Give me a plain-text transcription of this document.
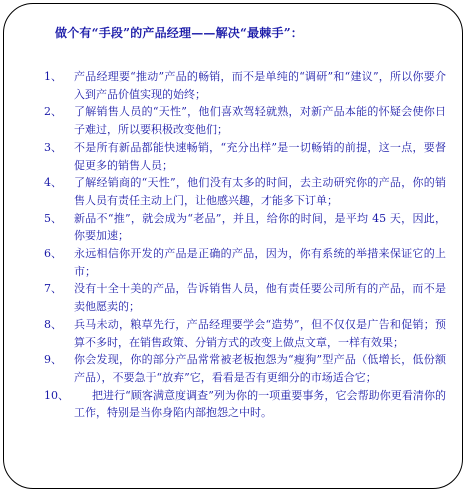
做个有“手段”的产品经理——解决“最棘手”：
1、 产品经理要“推动”产品的畅销，而不是单纯的“调研”和“建议”，所以你要介入到产品价值实现的始终；
2、 了解销售人员的“天性”，他们喜欢驾轻就熟，对新产品本能的怀疑会使你日子难过，所以要积极改变他们；
3、 不是所有新品都能快速畅销，“充分出样”是一切畅销的前提，这一点，要督促更多的销售人员；
4、 了解经销商的“天性”，他们没有太多的时间，去主动研究你的产品，你的销售人员有责任主动上门，让他感兴趣，才能多下订单；
5、 新品不“推”，就会成为“老品”，并且，给你的时间，是平均 45 天，因此，你要加速；
6、 永远相信你开发的产品是正确的产品，因为，你有系统的举措来保证它的上市；
7、 没有十全十美的产品，告诉销售人员，他有责任要公司所有的产品，而不是卖他愿卖的；
8、 兵马未动，粮草先行，产品经理要学会“造势”，但不仅仅是广告和促销；预算不多时，在销售政策、分销方式的改变上做点文章，一样有效果；
9、 你会发现，你的部分产品常常被老板抱怨为“瘦狗”型产品（低增长，低份额产品），不要急于“放弃”它，看看是否有更细分的市场适合它；
10、	把进行“顾客满意度调查”列为你的一项重要事务，它会帮助你更看清你的工作，特别是当你身陷内部抱怨之中时。
